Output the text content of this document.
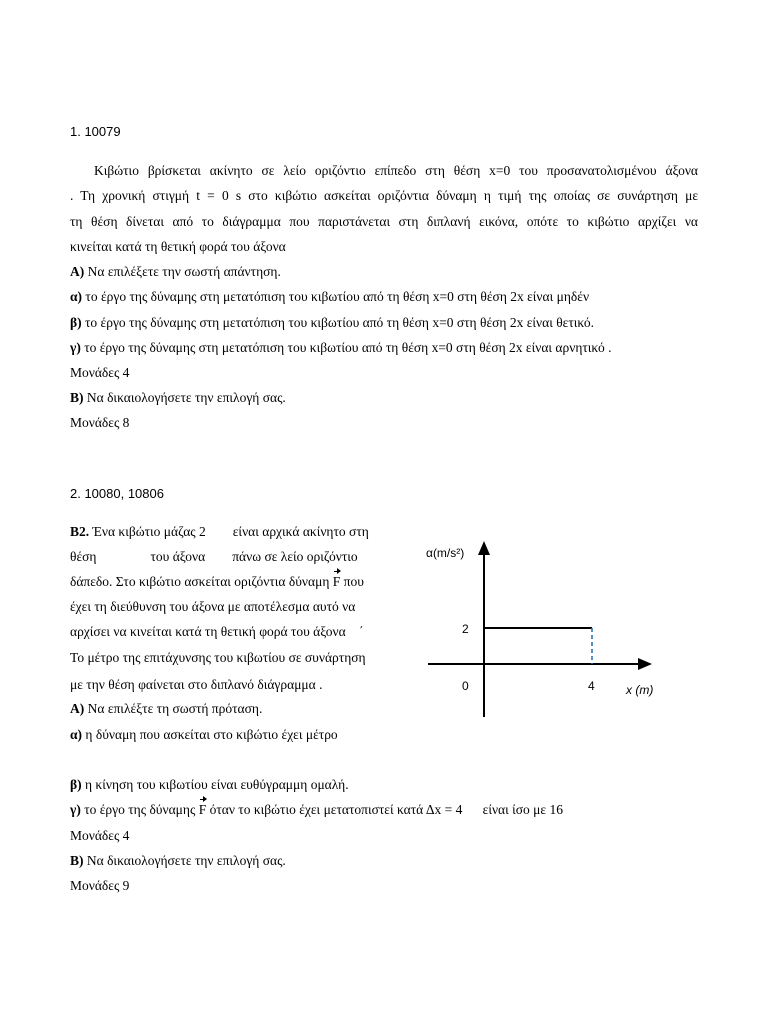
1. 10079
Κιβώτιο βρίσκεται ακίνητο σε λείο οριζόντιο επίπεδο στη θέση x=0 του προσανατολισμένου άξονα
. Τη χρονική στιγμή t = 0 s στο κιβώτιο ασκείται οριζόντια δύναμη η τιμή της οποίας σε συνάρτηση με
τη θέση δίνεται από το διάγραμμα που παριστάνεται στη διπλανή εικόνα, οπότε το κιβώτιο αρχίζει να
κινείται κατά τη θετική φορά του άξονα
Α) Να επιλέξετε την σωστή απάντηση.
α) το έργο της δύναμης στη μετατόπιση του κιβωτίου από τη θέση x=0 στη θέση 2x είναι μηδέν
β) το έργο της δύναμης στη μετατόπιση του κιβωτίου από τη θέση x=0 στη θέση 2x είναι θετικό.
γ) το έργο της δύναμης στη μετατόπιση του κιβωτίου από τη θέση x=0 στη θέση 2x είναι αρνητικό .
Μονάδες 4
Β) Να δικαιολογήσετε την επιλογή σας.
Μονάδες 8
2. 10080, 10806
Β2. Ένα κιβώτιο μάζας 2        είναι αρχικά ακίνητο στη
θέση                του άξονα        πάνω σε λείο οριζόντιο
δάπεδο. Στο κιβώτιο ασκείται οριζόντια δύναμη F που
έχει τη διεύθυνση του άξονα με αποτέλεσμα αυτό να
αρχίσει να κινείται κατά τη θετική φορά του άξονα    ΄
Το μέτρο της επιτάχυνσης του κιβωτίου σε συνάρτηση
με την θέση φαίνεται στο διπλανό διάγραμμα .
Α) Να επιλέξτε τη σωστή πρόταση.
α) η δύναμη που ασκείται στο κιβώτιο έχει μέτρο
β) η κίνηση του κιβωτίου είναι ευθύγραμμη ομαλή.
γ) το έργο της δύναμης F όταν το κιβώτιο έχει μετατοπιστεί κατά Δx = 4      είναι ίσο με 16
Μονάδες 4
Β) Να δικαιολογήσετε την επιλογή σας.
Μονάδες 9
α(m/s²)
2
0	4	x (m)
